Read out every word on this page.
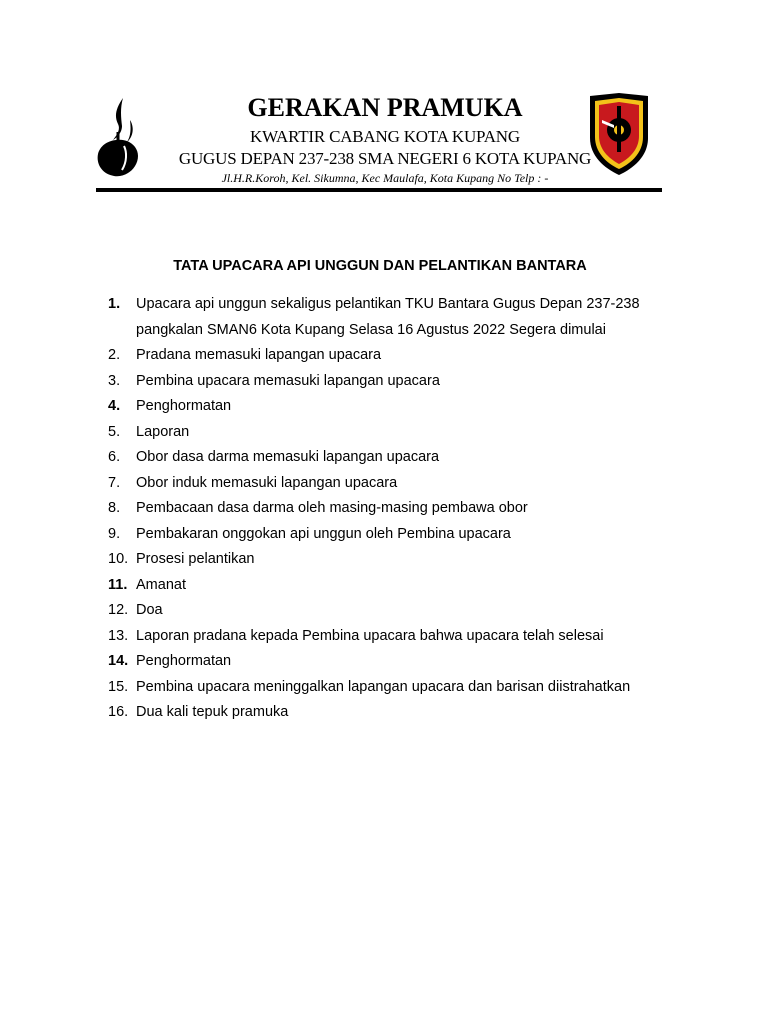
GERAKAN PRAMUKA
KWARTIR CABANG KOTA KUPANG
GUGUS DEPAN 237-238 SMA NEGERI 6 KOTA KUPANG
Jl.H.R.Koroh, Kel. Sikumna, Kec Maulafa, Kota Kupang No Telp : -
TATA UPACARA API UNGGUN DAN PELANTIKAN BANTARA
1.	Upacara api unggun sekaligus pelantikan TKU Bantara Gugus Depan 237-238 pangkalan SMAN6 Kota Kupang Selasa 16 Agustus 2022 Segera dimulai
2.	Pradana memasuki lapangan upacara
3.	Pembina upacara memasuki lapangan upacara
4.	Penghormatan
5.	Laporan
6.	Obor dasa darma memasuki lapangan upacara
7.	Obor induk memasuki lapangan upacara
8.	Pembacaan dasa darma oleh masing-masing pembawa obor
9.	Pembakaran onggokan api unggun oleh Pembina upacara
10. Prosesi pelantikan
11. Amanat
12. Doa
13. Laporan pradana kepada Pembina upacara bahwa upacara telah selesai
14. Penghormatan
15. Pembina upacara meninggalkan lapangan upacara dan barisan diistrahatkan
16. Dua kali tepuk pramuka
